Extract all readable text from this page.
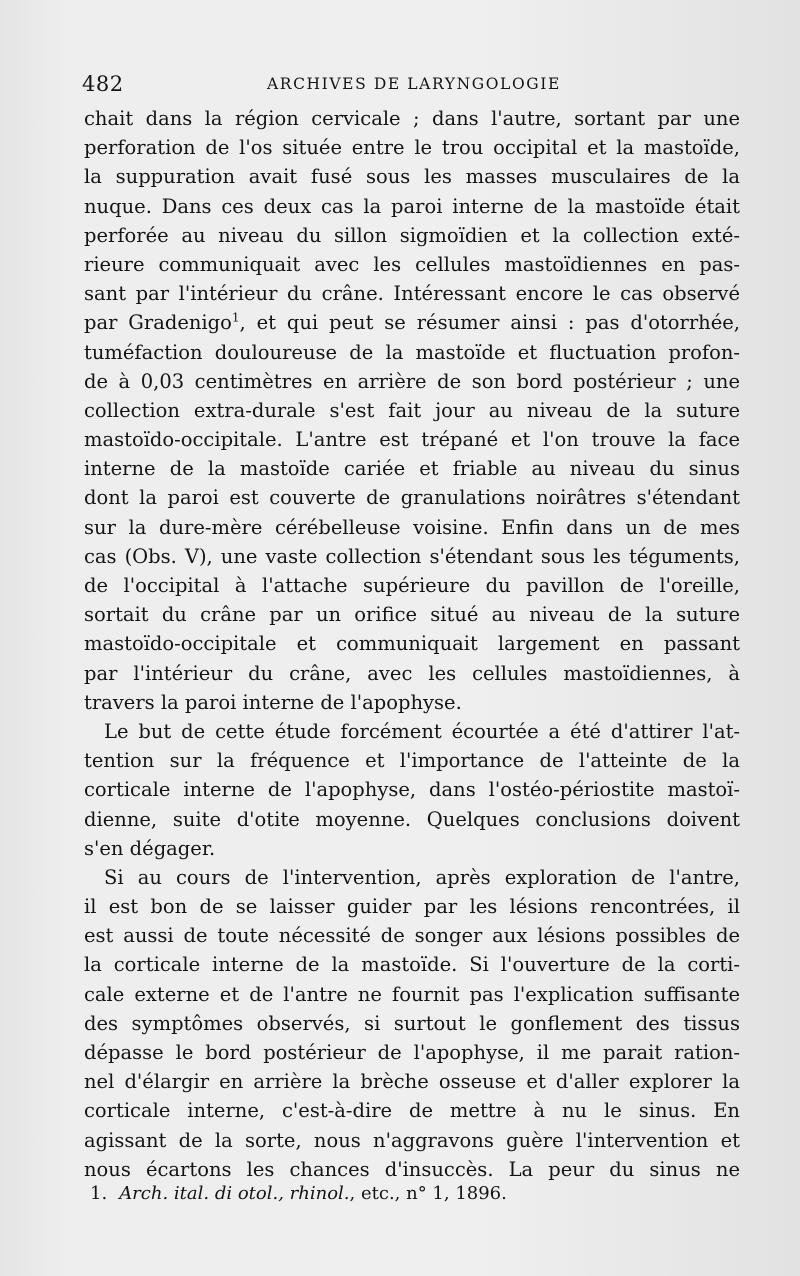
482	ARCHIVES DE LARYNGOLOGIE
chait dans la région cervicale ; dans l'autre, sortant par une
perforation de l'os située entre le trou occipital et la mastoïde,
la suppuration avait fusé sous les masses musculaires de la
nuque. Dans ces deux cas la paroi interne de la mastoïde était
perforée au niveau du sillon sigmoïdien et la collection exté-
rieure communiquait avec les cellules mastoïdiennes en pas-
sant par l'intérieur du crâne. Intéressant encore le cas observé
par Gradenigo$^1$, et qui peut se résumer ainsi : pas d'otorrhée,
tuméfaction douloureuse de la mastoïde et fluctuation profon-
de à 0,03 centimètres en arrière de son bord postérieur ; une
collection extra-durale s'est fait jour au niveau de la suture
mastoïdo-occipitale. L'antre est trépané et l'on trouve la face
interne de la mastoïde cariée et friable au niveau du sinus
dont la paroi est couverte de granulations noirâtres s'étendant
sur la dure-mère cérébelleuse voisine. Enfin dans un de mes
cas (Obs. V), une vaste collection s'étendant sous les téguments,
de l'occipital à l'attache supérieure du pavillon de l'oreille,
sortait du crâne par un orifice situé au niveau de la suture
mastoïdo-occipitale et communiquait largement en passant
par l'intérieur du crâne, avec les cellules mastoïdiennes, à
travers la paroi interne de l'apophyse.
Le but de cette étude forcément écourtée a été d'attirer l'at-
tention sur la fréquence et l'importance de l'atteinte de la
corticale interne de l'apophyse, dans l'ostéo-périostite mastoï-
dienne, suite d'otite moyenne. Quelques conclusions doivent
s'en dégager.
Si au cours de l'intervention, après exploration de l'antre,
il est bon de se laisser guider par les lésions rencontrées, il
est aussi de toute nécessité de songer aux lésions possibles de
la corticale interne de la mastoïde. Si l'ouverture de la corti-
cale externe et de l'antre ne fournit pas l'explication suffisante
des symptômes observés, si surtout le gonflement des tissus
dépasse le bord postérieur de l'apophyse, il me parait ration-
nel d'élargir en arrière la brèche osseuse et d'aller explorer la
corticale interne, c'est-à-dire de mettre à nu le sinus. En
agissant de la sorte, nous n'aggravons guère l'intervention et
nous écartons les chances d'insuccès. La peur du sinus ne
1. Arch. ital. di otol., rhinol., etc., n° 1, 1896.
